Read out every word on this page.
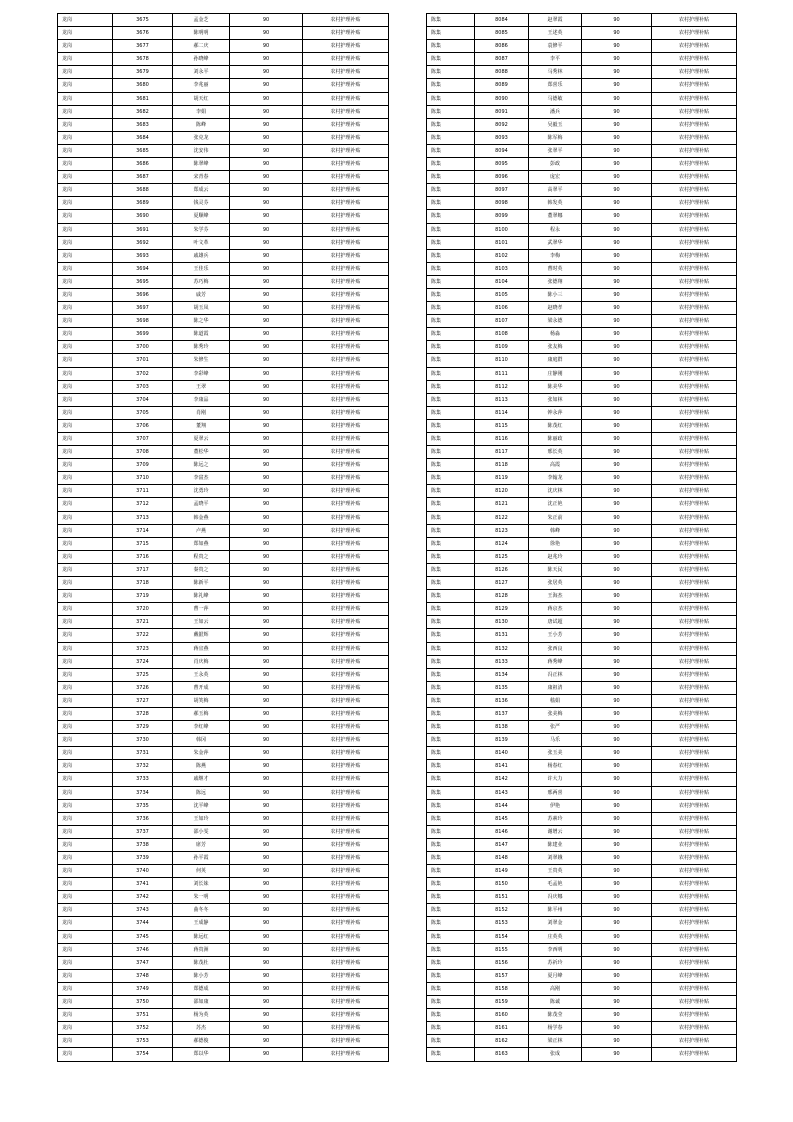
龙岗	3675	孟金芝	90	农村护理补贴
龙岗	3676	陈明明	90	农村护理补贴
龙岗	3677	郝二庆	90	农村护理补贴
龙岗	3678	孙晓峰	90	农村护理补贴
龙岗	3679	刘永平	90	农村护理补贴
龙岗	3680	李兆丽	90	农村护理补贴
龙岗	3681	胡天红	90	农村护理补贴
龙岗	3682	李娟	90	农村护理补贴
龙岗	3683	陈峰	90	农村护理补贴
龙岗	3684	张克龙	90	农村护理补贴
龙岗	3685	沈安伟	90	农村护理补贴
龙岗	3686	陈翠峰	90	农村护理补贴
龙岗	3687	宋青春	90	农村护理补贴
龙岗	3688	郑成云	90	农村护理补贴
龙岗	3689	钱灵芬	90	农村护理补贴
龙岗	3690	夏顺峰	90	农村护理补贴
龙岗	3691	朱学芬	90	农村护理补贴
龙岗	3692	叶文革	90	农村护理补贴
龙岗	3693	戚雄兵	90	农村护理补贴
龙岗	3694	王佳乐	90	农村护理补贴
龙岗	3695	苏巧梅	90	农村护理补贴
龙岗	3696	戚芳	90	农村护理补贴
龙岗	3697	胡玉凤	90	农村护理补贴
龙岗	3698	陈之华	90	农村护理补贴
龙岗	3699	陈道霞	90	农村护理补贴
龙岗	3700	陈秀玲	90	农村护理补贴
龙岗	3701	朱修生	90	农村护理补贴
龙岗	3702	李彩峰	90	农村护理补贴
龙岗	3703	王翠	90	农村护理补贴
龙岗	3704	李康品	90	农村护理补贴
龙岗	3705	肖刚	90	农村护理补贴
龙岗	3706	董翔	90	农村护理补贴
龙岗	3707	夏翠云	90	农村护理补贴
龙岗	3708	董松华	90	农村护理补贴
龙岗	3709	陈远之	90	农村护理补贴
龙岗	3710	李富杰	90	农村护理补贴
龙岗	3711	沈勇玲	90	农村护理补贴
龙岗	3712	孟晓平	90	农村护理补贴
龙岗	3713	韩金燕	90	农村护理补贴
龙岗	3714	卢燕	90	农村护理补贴
龙岗	3715	郑如燕	90	农村护理补贴
龙岗	3716	程贵之	90	农村护理补贴
龙岗	3717	秦贵之	90	农村护理补贴
龙岗	3718	陈新平	90	农村护理补贴
龙岗	3719	陈礼峰	90	农村护理补贴
龙岗	3720	曹一萍	90	农村护理补贴
龙岗	3721	王如云	90	农村护理补贴
龙岗	3722	戴银辉	90	农村护理补贴
龙岗	3723	蒋宜燕	90	农村护理补贴
龙岗	3724	肖庆梅	90	农村护理补贴
龙岗	3725	王永英	90	农村护理补贴
龙岗	3726	曹开成	90	农村护理补贴
龙岗	3727	胡笑梅	90	农村护理补贴
龙岗	3728	郝玉梅	90	农村护理补贴
龙岗	3729	李红峰	90	农村护理补贴
龙岗	3730	韩冈	90	农村护理补贴
龙岗	3731	朱金萍	90	农村护理补贴
龙岗	3732	陈燕	90	农村护理补贴
龙岗	3733	戚继才	90	农村护理补贴
龙岗	3734	陈远	90	农村护理补贴
龙岗	3735	沈平峰	90	农村护理补贴
龙岗	3736	王如玲	90	农村护理补贴
龙岗	3737	邵小雯	90	农村护理补贴
龙岗	3738	席芳	90	农村护理补贴
龙岗	3739	孙平霞	90	农村护理补贴
龙岗	3740	何英	90	农村护理补贴
龙岗	3741	刘长妹	90	农村护理补贴
龙岗	3742	朱一明	90	农村护理补贴
龙岗	3743	曲冬冬	90	农村护理补贴
龙岗	3744	王成静	90	农村护理补贴
龙岗	3745	陈远红	90	农村护理补贴
龙岗	3746	蒋贵洲	90	农村护理补贴
龙岗	3747	陈茂杜	90	农村护理补贴
龙岗	3748	陈小芳	90	农村护理补贴
龙岗	3749	郑德成	90	农村护理补贴
龙岗	3750	邵如康	90	农村护理补贴
龙岗	3751	杨为英	90	农村护理补贴
龙岗	3752	苏杰	90	农村护理补贴
龙岗	3753	郝德俊	90	农村护理补贴
龙岗	3754	郑以华	90	农村护理补贴
陈集	8084	赵翠霞	90	农村护理补贴
陈集	8085	王述英	90	农村护理补贴
陈集	8086	袁修平	90	农村护理补贴
陈集	8087	李平	90	农村护理补贴
陈集	8088	马秀林	90	农村护理补贴
陈集	8089	郑喜乐	90	农村护理补贴
陈集	8090	马德敏	90	农村护理补贴
陈集	8091	潘兵	90	农村护理补贴
陈集	8092	吴毅玉	90	农村护理补贴
陈集	8093	陈军梅	90	农村护理补贴
陈集	8094	张翠平	90	农村护理补贴
陈集	8095	彭政	90	农村护理补贴
陈集	8096	庞宏	90	农村护理补贴
陈集	8097	高翠平	90	农村护理补贴
陈集	8098	韩发英	90	农村护理补贴
陈集	8099	董翠娜	90	农村护理补贴
陈集	8100	程永	90	农村护理补贴
陈集	8101	武翠华	90	农村护理补贴
陈集	8102	李梅	90	农村护理补贴
陈集	8103	曹时英	90	农村护理补贴
陈集	8104	张德翔	90	农村护理补贴
陈集	8105	陈小三	90	农村护理补贴
陈集	8106	赵晓孝	90	农村护理补贴
陈集	8107	梁永德	90	农村护理补贴
陈集	8108	杨淼	90	农村护理补贴
陈集	8109	张友梅	90	农村护理补贴
陈集	8110	康庭群	90	农村护理补贴
陈集	8111	庄静刚	90	农村护理补贴
陈集	8112	陈美华	90	农村护理补贴
陈集	8113	张如林	90	农村护理补贴
陈集	8114	钟永萍	90	农村护理补贴
陈集	8115	陈茂红	90	农村护理补贴
陈集	8116	陈丽政	90	农村护理补贴
陈集	8117	邢长英	90	农村护理补贴
陈集	8118	高霞	90	农村护理补贴
陈集	8119	李翰龙	90	农村护理补贴
陈集	8120	沈庆林	90	农村护理补贴
陈集	8121	沈正艳	90	农村护理补贴
陈集	8122	朱正前	90	农村护理补贴
陈集	8123	韩峰	90	农村护理补贴
陈集	8124	徐艳	90	农村护理补贴
陈集	8125	赵兆玲	90	农村护理补贴
陈集	8126	陈天民	90	农村护理补贴
陈集	8127	张居英	90	农村护理补贴
陈集	8128	王海杰	90	农村护理补贴
陈集	8129	蒋京杰	90	农村护理补贴
陈集	8130	唐试超	90	农村护理补贴
陈集	8131	王小芳	90	农村护理补贴
陈集	8132	张西良	90	农村护理补贴
陈集	8133	蒋秀峰	90	农村护理补贴
陈集	8134	冯正林	90	农村护理补贴
陈集	8135	康祖清	90	农村护理补贴
陈集	8136	嵇娟	90	农村护理补贴
陈集	8137	张美梅	90	农村护理补贴
陈集	8138	张严	90	农村护理补贴
陈集	8139	马乐	90	农村护理补贴
陈集	8140	张玉美	90	农村护理补贴
陈集	8141	杨春红	90	农村护理补贴
陈集	8142	许大力	90	农村护理补贴
陈集	8143	邢两喜	90	农村护理补贴
陈集	8144	伊艳	90	农村护理补贴
陈集	8145	苏素玲	90	农村护理补贴
陈集	8146	谢增云	90	农村护理补贴
陈集	8147	陈建业	90	农村护理补贴
陈集	8148	刘翠娥	90	农村护理补贴
陈集	8149	王贵英	90	农村护理补贴
陈集	8150	毛孟艳	90	农村护理补贴
陈集	8151	冯庆娜	90	农村护理补贴
陈集	8152	陈平州	90	农村护理补贴
陈集	8153	刘翠金	90	农村护理补贴
陈集	8154	庄英英	90	农村护理补贴
陈集	8155	李西明	90	农村护理补贴
陈集	8156	苏祈玲	90	农村护理补贴
陈集	8157	夏月峰	90	农村护理补贴
陈集	8158	高刚	90	农村护理补贴
陈集	8159	陈诚	90	农村护理补贴
陈集	8160	陈茂莹	90	农村护理补贴
陈集	8161	杨学春	90	农村护理补贴
陈集	8162	梁正林	90	农村护理补贴
陈集	8163	张成	90	农村护理补贴
